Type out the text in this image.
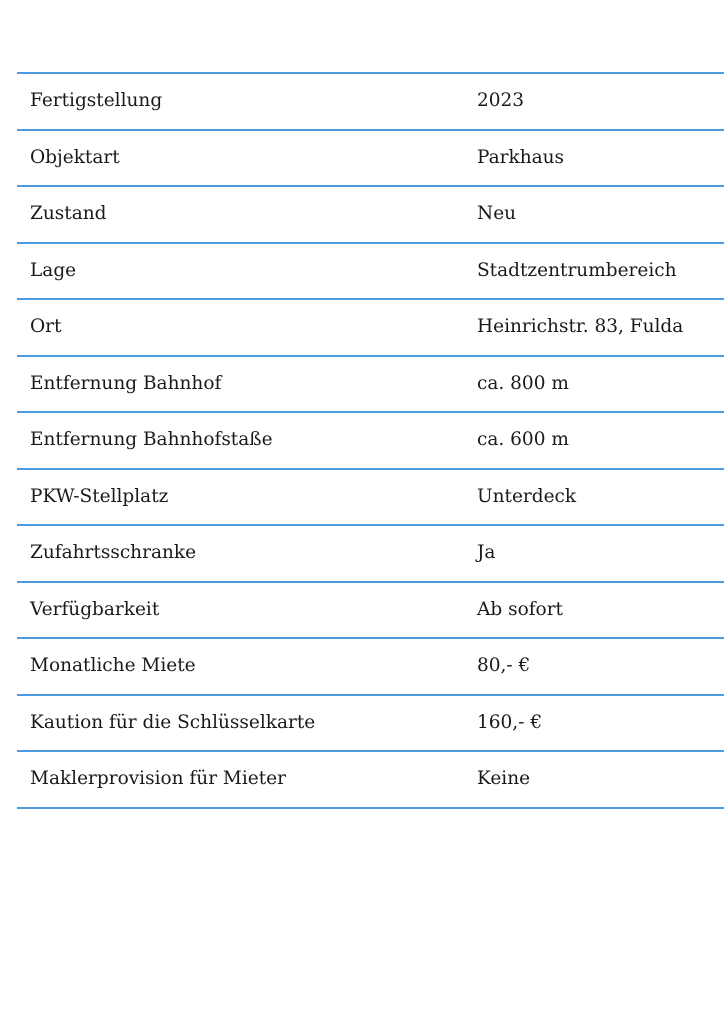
Fertigstellung	2023
Objektart	Parkhaus
Zustand	Neu
Lage	Stadtzentrumbereich
Ort	Heinrichstr. 83, Fulda
Entfernung Bahnhof	ca. 800 m
Entfernung Bahnhofstaße	ca. 600 m
PKW-Stellplatz	Unterdeck
Zufahrtsschranke	Ja
Verfügbarkeit	Ab sofort
Monatliche Miete	80,- €
Kaution für die Schlüsselkarte	160,- €
Maklerprovision für Mieter	Keine
